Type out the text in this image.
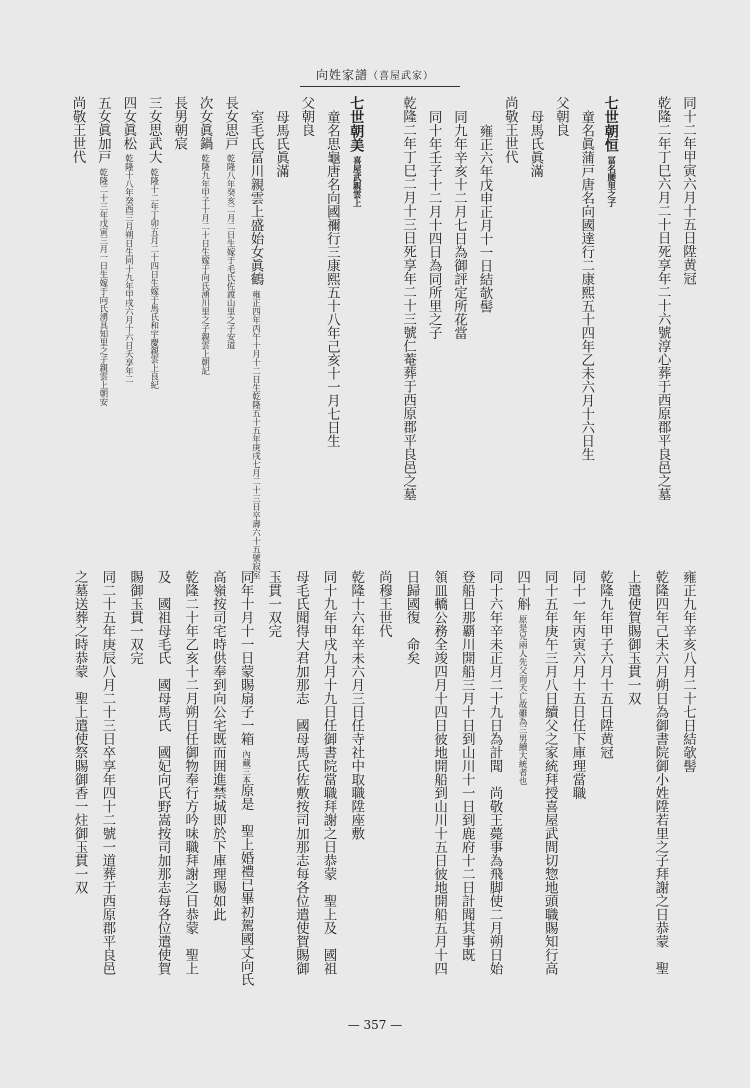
向姓家譜（喜屋武家）
同十二年甲寅六月十五日陞黄冠
乾隆二年丁巳六月二十日死享年二十六號淳心葬于西原郡平良邑之墓
七世朝恒冨名腰里之子
童名眞蒲戸唐名向國達行二康熙五十四年乙未六月十六日生
父朝良
母馬氏眞滿
尚敬王世代
雍正六年戊申正月十一日結欹髻
同九年辛亥十二月七日為御評定所花當
同十年壬子十二月十四日為同所里之子
乾隆二年丁巳二月十三日死享年二十三號仁菴葬于西原郡平良邑之墓
七世朝美喜屋武親雲上
童名思龜唐名向國禰行三康熙五十八年己亥十一月七日生
父朝良
母馬氏眞滿
室毛氏冨川親雲上盛始女眞鶴雍正四年丙午十月十二日生乾隆五十五年庚戌七月二十三日卒壽六十五號寂室
長女思戸乾隆八年癸亥二月二日生嫁于毛氏佐渡山里之子安道
次女眞鍋乾隆九年甲子十月二十日生嫁于向氏湧川里之子親雲上朝記
長男朝宸
三女思武大乾隆十二年丁卯五月二十四日生嫁于馬氏和宇慶親雲上良紀
四女眞松乾隆十八年癸酉三月朔日生同十九年甲戌六月十六日夭享年二
五女眞加戸乾隆二十三年戊寅三月一日生嫁于向氏湧具知里之子親雲上朝安
尚敬王世代
雍正九年辛亥八月二十七日結欹髻
乾隆四年己未六月朔日為御書院御小姓陞若里之子拜謝之日恭蒙　聖
上遣使賀賜御玉貫一双
乾隆九年甲子六月十五日陞黄冠
同十一年丙寅六月十五日任下庫理當職
同十五年庚午三月八日續父之家統拜授喜屋武間切惣地頭職賜知行高
四十斛原是兄兩人先父而夭亡故雖為三男續大統者也
同十六年辛未正月二十九日為計聞　尚敬王薨事為飛脚使二月朔日始
登船日那覇川開船三月十日到山川十一日到鹿府十二日計聞其事既
領皿轎公務全竣四月十四日彼地開船到山川十五日彼地開船五月十四
日歸國復　命矣
尚穆王世代
乾隆十六年辛未六月三日任寺社中取職陞座敷
同十九年甲戌九月十九日任御書院當職拜謝之日恭蒙　聖上及　國祖
母毛氏聞得大君加那志　國母馬氏佐敷按司加那志每各位遣使賀賜御
玉貫一双完
同年十月十一日蒙賜扇子一箱內藏三本原是　聖上婚禮已畢初駕國丈向氏
高嶺按司宅時供奉到向公宅既而囲進禁城即於下庫理賜如此
乾隆二十年乙亥十二月朔日任御物奉行方吟味職拜謝之日恭蒙　聖上
及　國祖母毛氏　國母馬氏　國妃向氏野嵩按司加那志每各位遣使賀
賜御玉貫一双完
同二十五年庚辰八月二十三日卒享年四十二號一道葬于西原郡平良邑
之墓送葬之時恭蒙　聖上遣使祭賜御香一炷御玉貫一双
— 357 —
